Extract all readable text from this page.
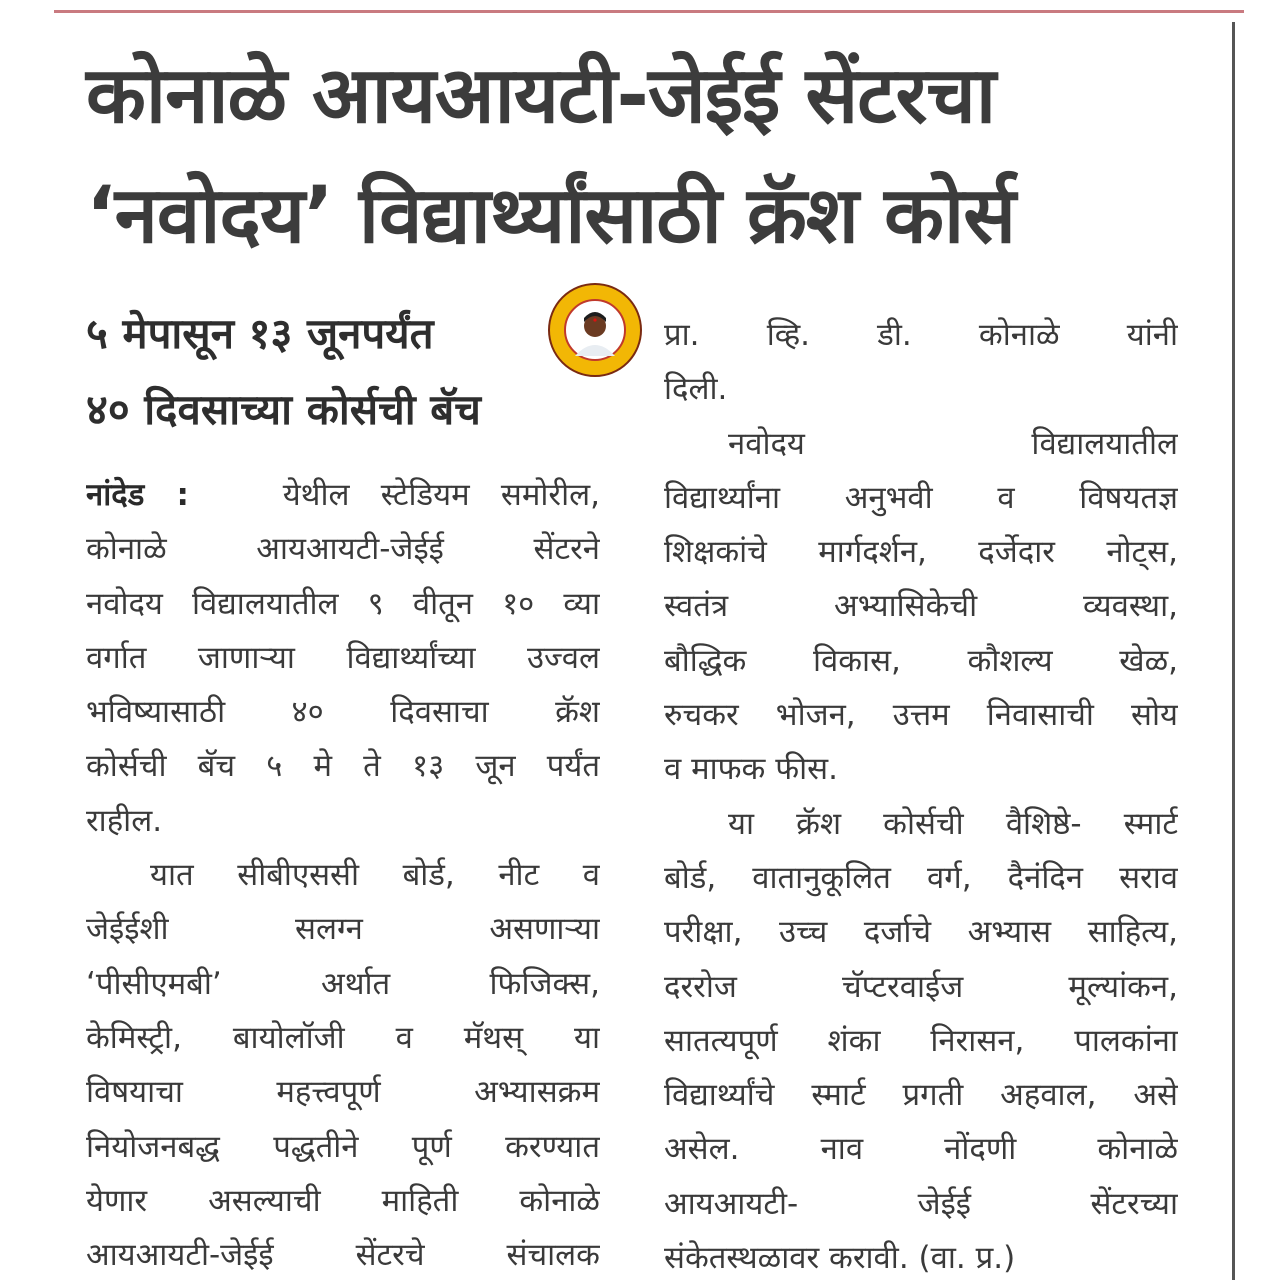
कोनाळे आयआयटी-जेईई सेंटरचा
‘नवोदय’ विद्यार्थ्यांसाठी क्रॅश कोर्स
५ मेपासून १३ जूनपर्यंत
४० दिवसाच्या कोर्सची बॅच
नांदेड :	येथील स्टेडियम समोरील,
कोनाळे आयआयटी-जेईई सेंटरने
नवोदय विद्यालयातील ९ वीतून १० व्या
वर्गात जाणाऱ्या विद्यार्थ्यांच्या उज्वल
भविष्यासाठी ४० दिवसाचा क्रॅश
कोर्सची बॅच ५ मे ते १३ जून पर्यंत
राहील.
यात सीबीएससी बोर्ड, नीट व
जेईईशी सलग्न असणाऱ्या
‘पीसीएमबी’ अर्थात फिजिक्स,
केमिस्ट्री, बायोलॉजी व मॅथस् या
विषयाचा महत्त्वपूर्ण अभ्यासक्रम
नियोजनबद्ध पद्धतीने पूर्ण करण्यात
येणार असल्याची माहिती कोनाळे
आयआयटी-जेईई सेंटरचे संचालक
प्रा. व्हि. डी. कोनाळे यांनी
दिली.
नवोदय विद्यालयातील
विद्यार्थ्यांना अनुभवी व विषयतज्ञ
शिक्षकांचे मार्गदर्शन, दर्जेदार नोट्स,
स्वतंत्र अभ्यासिकेची व्यवस्था,
बौद्धिक विकास, कौशल्य खेळ,
रुचकर भोजन, उत्तम निवासाची सोय
व माफक फीस.
या क्रॅश कोर्सची वैशिष्ठे- स्मार्ट
बोर्ड, वातानुकूलित वर्ग, दैनंदिन सराव
परीक्षा, उच्च दर्जाचे अभ्यास साहित्य,
दररोज चॅप्टरवाईज मूल्यांकन,
सातत्यपूर्ण शंका निरासन, पालकांना
विद्यार्थ्यांचे स्मार्ट प्रगती अहवाल, असे
असेल. नाव नोंदणी कोनाळे
आयआयटी- जेईई सेंटरच्या
संकेतस्थळावर करावी. (वा. प्र.)
